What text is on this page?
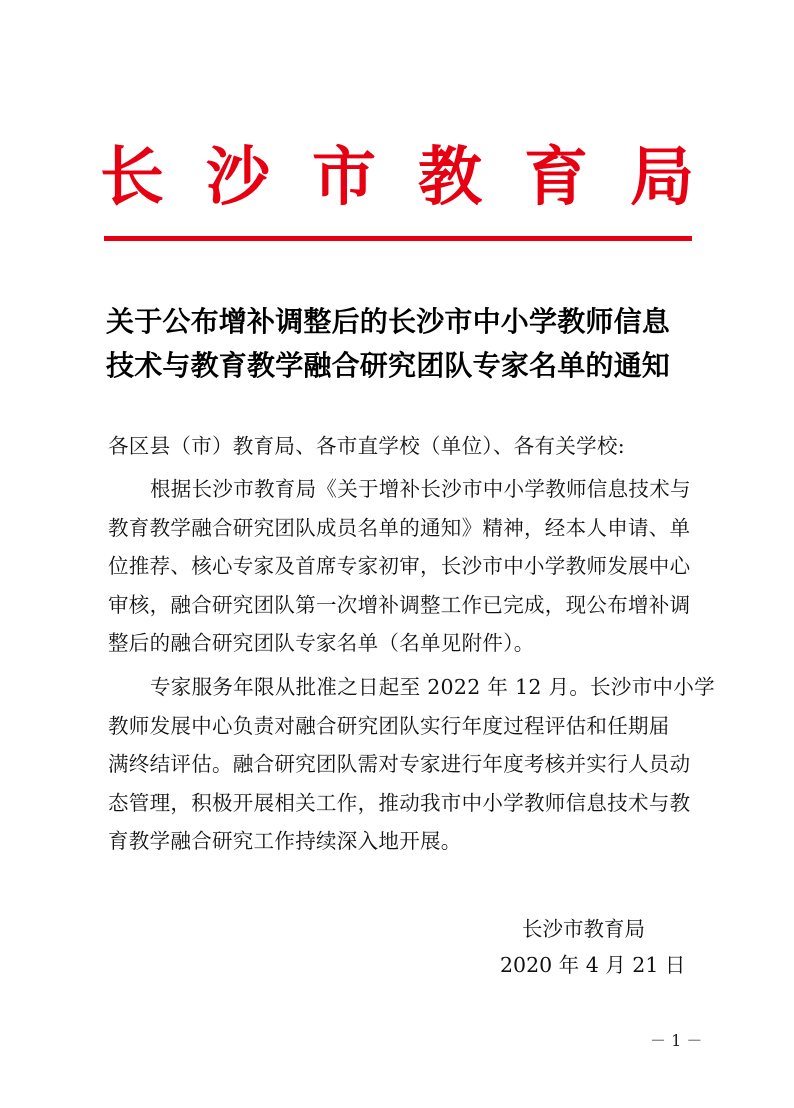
长 沙 市 教 育 局
关于公布增补调整后的长沙市中小学教师信息
技术与教育教学融合研究团队专家名单的通知
各区县（市）教育局、各市直学校（单位）、各有关学校:
根据长沙市教育局《关于增补长沙市中小学教师信息技术与
教育教学融合研究团队成员名单的通知》精神，经本人申请、单
位推荐、核心专家及首席专家初审，长沙市中小学教师发展中心
审核，融合研究团队第一次增补调整工作已完成，现公布增补调
整后的融合研究团队专家名单（名单见附件）。
专家服务年限从批准之日起至 2022 年 12 月。长沙市中小学
教师发展中心负责对融合研究团队实行年度过程评估和任期届
满终结评估。融合研究团队需对专家进行年度考核并实行人员动
态管理，积极开展相关工作，推动我市中小学教师信息技术与教
育教学融合研究工作持续深入地开展。
长沙市教育局
2020 年 4 月 21 日
－ 1 －
